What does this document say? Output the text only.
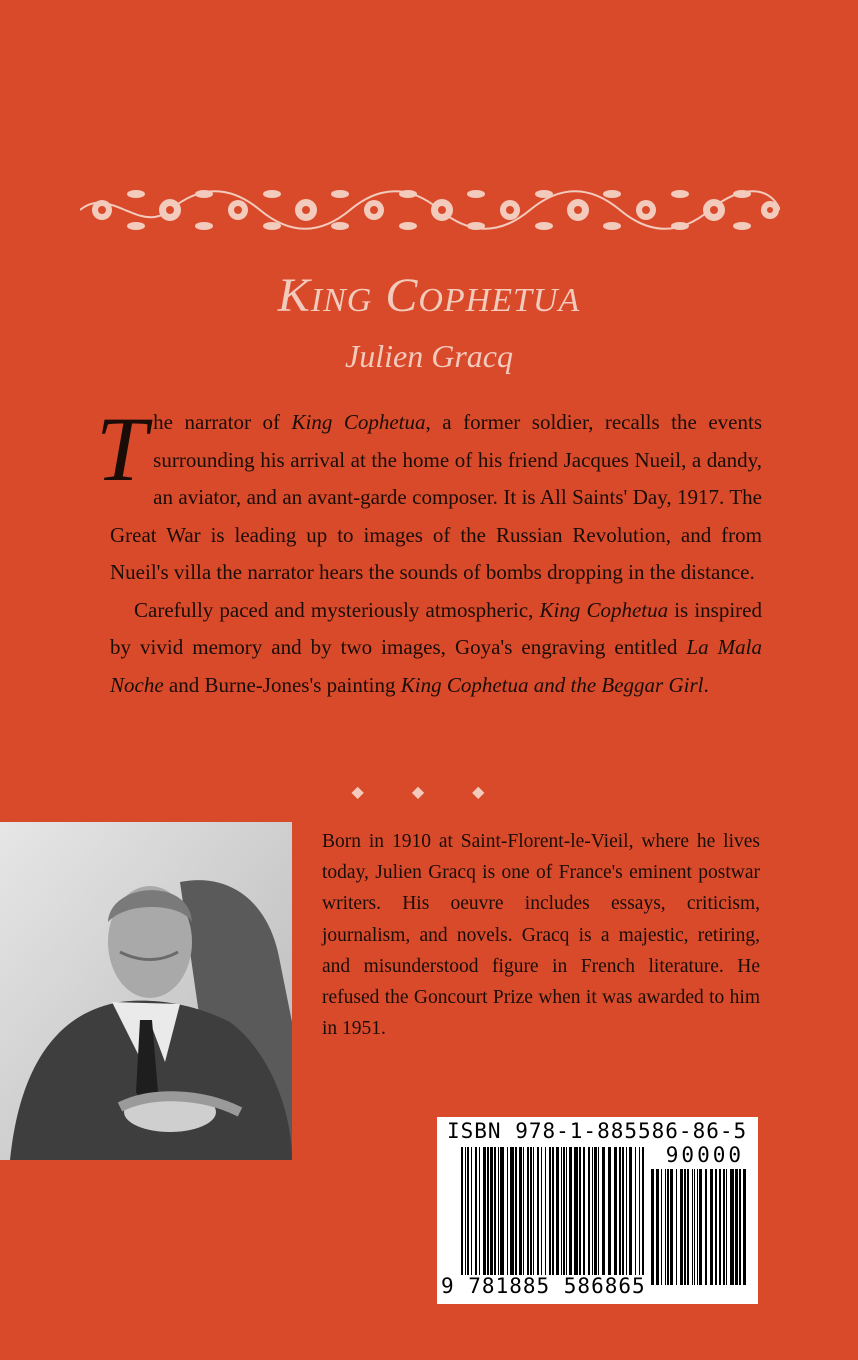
King Cophetua
Julien Gracq

The narrator of King Cophetua, a former soldier, recalls the events surrounding his arrival at the home of his friend Jacques Nueil, a dandy, an aviator, and an avant-garde composer. It is All Saints' Day, 1917. The Great War is leading up to images of the Russian Revolution, and from Nueil's villa the narrator hears the sounds of bombs dropping in the distance.

Carefully paced and mysteriously atmospheric, King Cophetua is inspired by vivid memory and by two images, Goya's engraving entitled La Mala Noche and Burne-Jones's painting King Cophetua and the Beggar Girl.

◆ ◆ ◆

Born in 1910 at Saint-Florent-le-Vieil, where he lives today, Julien Gracq is one of France's eminent postwar writers. His oeuvre includes essays, criticism, journalism, and novels. Gracq is a majestic, retiring, and misunderstood figure in French literature. He refused the Goncourt Prize when it was awarded to him in 1951.

ISBN 978-1-885586-86-5
90000
9 781885 586865
